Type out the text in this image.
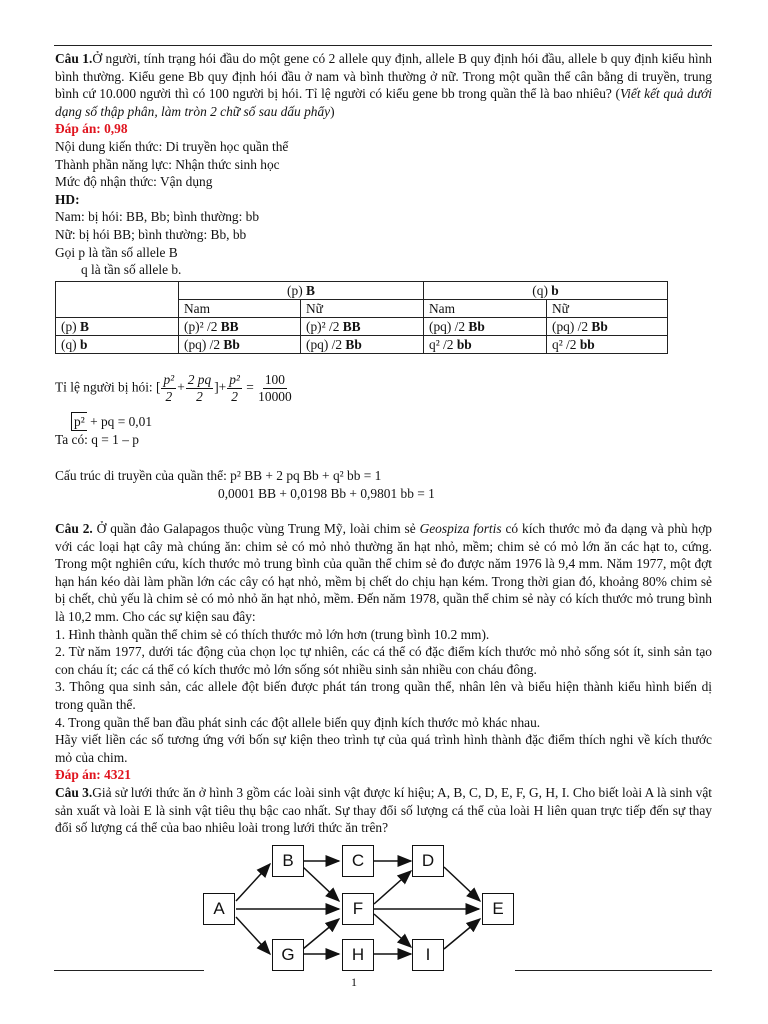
Câu 1.Ở người, tính trạng hói đầu do một gene có 2 allele quy định, allele B quy định hói đầu, allele b quy định kiểu hình bình thường. Kiểu gene Bb quy định hói đầu ở nam và bình thường ở nữ. Trong một quần thể cân bằng di truyền, trung bình cứ 10.000 người thì có 100 người bị hói. Tỉ lệ người có kiểu gene bb trong quần thể là bao nhiêu? (Viết kết quả dưới dạng số thập phân, làm tròn 2 chữ số sau dấu phẩy)

Đáp án: 0,98

Nội dung kiến thức: Di truyền học quần thể

Thành phần năng lực: Nhận thức sinh học

Mức độ nhận thức: Vận dụng

HD:

Nam: bị hói: BB, Bb; bình thường: bb

Nữ: bị hói BB; bình thường: Bb, bb

Gọi p là tần số allele B

q là tần số allele b.

	(p) B		(q) b	
	Nam	Nữ	Nam	Nữ
(p) B	(p)² /2 BB	(p)² /2 BB	(pq) /2 Bb	(pq) /2 Bb
(q) b	(pq) /2 Bb	(pq) /2 Bb	q² /2 bb	q² /2 bb
Tỉ lệ người bị hói: [ $\frac{\text{p²}}{2} + \frac{2 pq}{2}$ ]+ $\frac{\text{p²}}{2} = \frac{100}{10000}$

p² + pq = 0,01

Ta có: q = 1 – p

Cấu trúc di truyền của quần thể: p² BB + 2 pq Bb + q² bb = 1

0,0001 BB + 0,0198 Bb + 0,9801 bb = 1

Câu 2. Ở quần đảo Galapagos thuộc vùng Trung Mỹ, loài chim sẻ Geospiza fortis có kích thước mỏ đa dạng và phù hợp với các loại hạt cây mà chúng ăn: chim sẻ có mỏ nhỏ thường ăn hạt nhỏ, mềm; chim sẻ có mỏ lớn ăn các hạt to, cứng. Trong một nghiên cứu, kích thước mỏ trung bình của quần thể chim sẻ đo được năm 1976 là 9,4 mm. Năm 1977, một đợt hạn hán kéo dài làm phần lớn các cây có hạt nhỏ, mềm bị chết do chịu hạn kém. Trong thời gian đó, khoảng 80% chim sẻ bị chết, chủ yếu là chim sẻ có mỏ nhỏ ăn hạt nhỏ, mềm. Đến năm 1978, quần thể chim sẻ này có kích thước mỏ trung bình là 10,2 mm. Cho các sự kiện sau đây:

1. Hình thành quần thể chim sẻ có thích thước mỏ lớn hơn (trung bình 10.2 mm).

2. Từ năm 1977, dưới tác động của chọn lọc tự nhiên, các cá thể có đặc điểm kích thước mỏ nhỏ sống sót ít, sinh sản tạo con cháu ít; các cá thể có kích thước mỏ lớn sống sót nhiều sinh sản nhiều con cháu đông.

3. Thông qua sinh sản, các allele đột biến được phát tán trong quần thể, nhân lên và biểu hiện thành kiểu hình biến dị trong quần thể.

4. Trong quần thể ban đầu phát sinh các đột allele biến quy định kích thước mỏ khác nhau.

Hãy viết liền các số tương ứng với bốn sự kiện theo trình tự của quá trình hình thành đặc điểm thích nghi về kích thước mỏ của chim.

Đáp án: 4321

Câu 3.Giả sử lưới thức ăn ở hình 3 gồm các loài sinh vật được kí hiệu; A, B, C, D, E, F, G, H, I. Cho biết loài A là sinh vật sản xuất và loài E là sinh vật tiêu thụ bậc cao nhất. Sự thay đổi số lượng cá thể của loài H liên quan trực tiếp đến sự thay đổi số lượng cá thể của bao nhiêu loài trong lưới thức ăn trên?

A
B	C	D
F	E
G	H	I
1
